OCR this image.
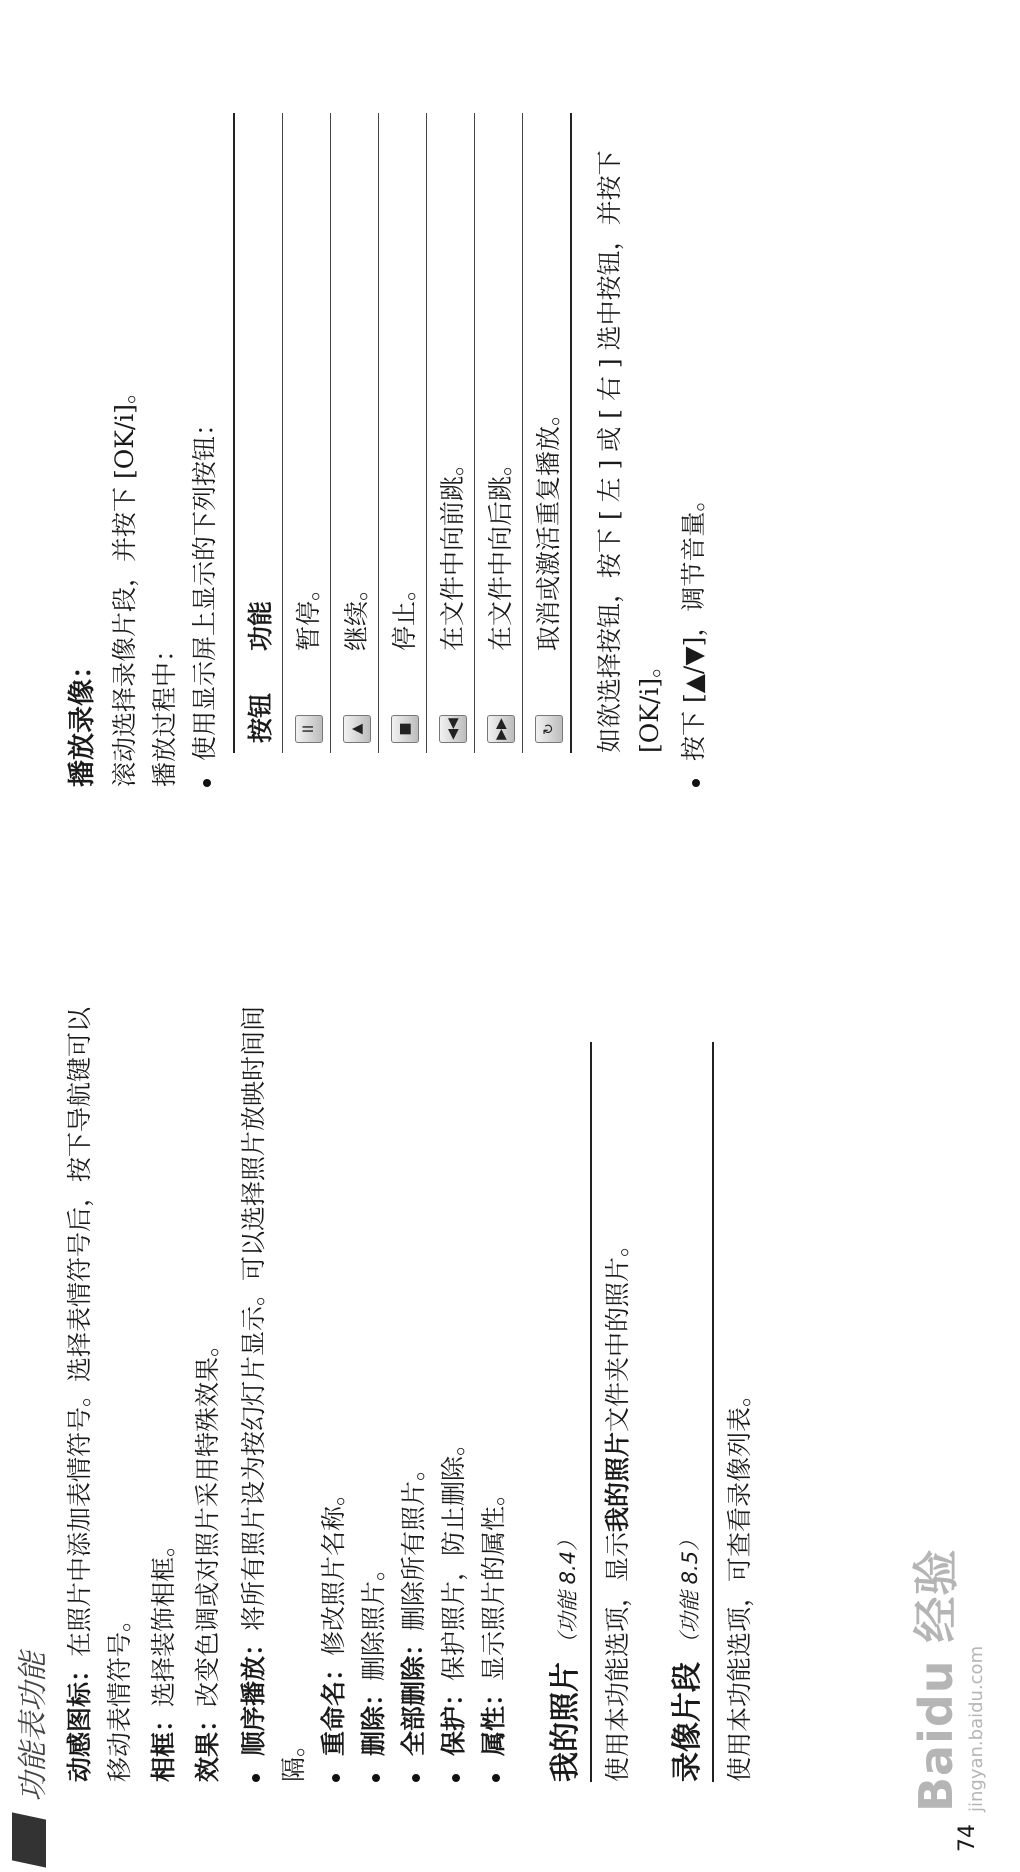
功能表功能 动感图标：在照片中添加表情符号。选择表情符号后，按下导航键可以移动表情符号。 相框：选择装饰相框。
效果：改变色调或对照片采用特殊效果。 顺序播放：将所有照片设为按幻灯片显示。可以选择照片放映时间间隔。
重命名：修改照片名称。
删除：删除照片。
全部删除：删除所有照片。
保护：保护照片，防止删除。
属性：显示照片的属性。
我的照片（功能 8.4） 使用本功能选项，显示我的照片文件夹中的照片。
录像片段（功能 8.5） 使用本功能选项，可查看录像列表。
播放录像： 滚动选择录像片段，并按下 [OK/i]。 播放过程中： 使用显示屏上显示的下列按钮： 按钮
功能
II
暂停。
▲
继续。
■
停止。
◀◀
在文件中向前跳。
▶▶
在文件中向后跳。
↻
取消或激活重复播放。 如欲选择按钮，按下 [ 左 ] 或 [ 右 ] 选中按钮，并按下 [OK/i]。 按下 [▲/▼]，调节音量。
74
Baidu 经验 jingyan.baidu.com
